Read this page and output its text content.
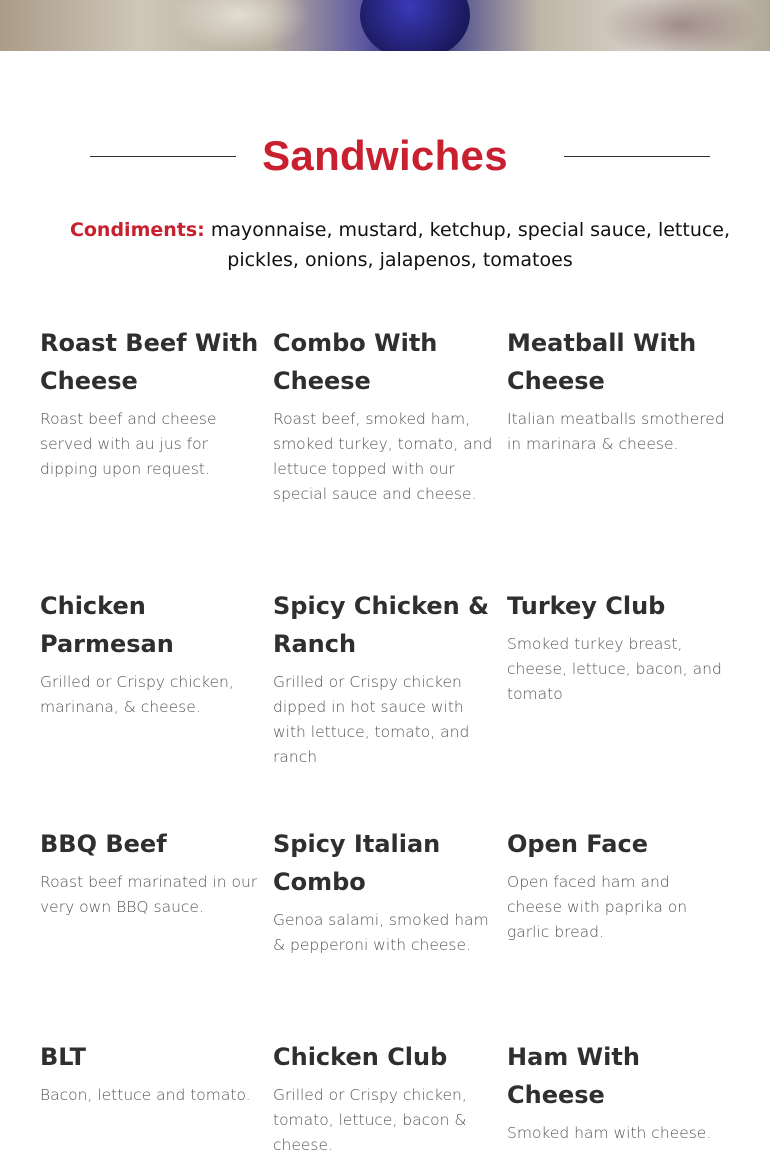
Sandwiches
Condiments: mayonnaise, mustard, ketchup, special sauce, lettuce, pickles, onions, jalapenos, tomatoes
Roast Beef With Cheese
Roast beef and cheese served with au jus for dipping upon request.
Combo With Cheese
Roast beef, smoked ham, smoked turkey, tomato, and lettuce topped with our special sauce and cheese.
Meatball With Cheese
Italian meatballs smothered in marinara & cheese.
Chicken Parmesan
Grilled or Crispy chicken, marinana, & cheese.
Spicy Chicken & Ranch
Grilled or Crispy chicken dipped in hot sauce with with lettuce, tomato, and ranch
Turkey Club
Smoked turkey breast, cheese, lettuce, bacon, and tomato
BBQ Beef
Roast beef marinated in our very own BBQ sauce.
Spicy Italian Combo
Genoa salami, smoked ham & pepperoni with cheese.
Open Face
Open faced ham and cheese with paprika on garlic bread.
BLT
Bacon, lettuce and tomato.
Chicken Club
Grilled or Crispy chicken, tomato, lettuce, bacon & cheese.
Ham With Cheese
Smoked ham with cheese.
